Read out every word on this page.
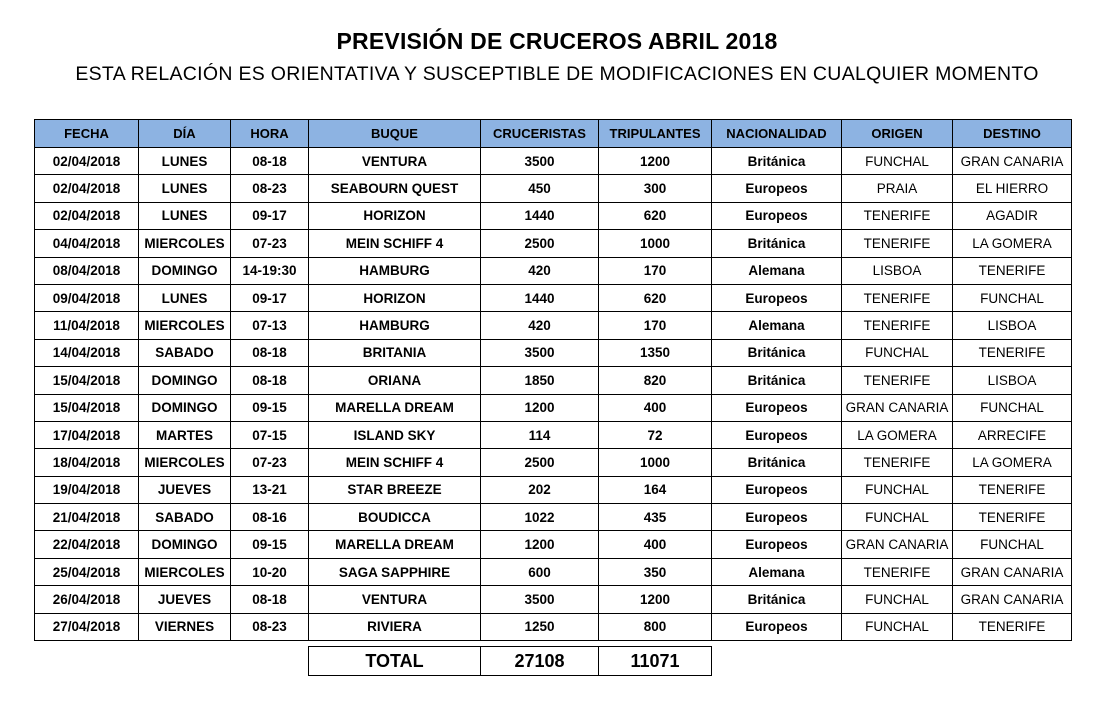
PREVISIÓN DE CRUCEROS ABRIL 2018
ESTA RELACIÓN ES ORIENTATIVA Y SUSCEPTIBLE DE MODIFICACIONES EN CUALQUIER MOMENTO
FECHA	DÍA	HORA	BUQUE	CRUCERISTAS	TRIPULANTES	NACIONALIDAD	ORIGEN	DESTINO
02/04/2018	LUNES	08-18	VENTURA	3500	1200	Británica	FUNCHAL	GRAN CANARIA
02/04/2018	LUNES	08-23	SEABOURN QUEST	450	300	Europeos	PRAIA	EL HIERRO
02/04/2018	LUNES	09-17	HORIZON	1440	620	Europeos	TENERIFE	AGADIR
04/04/2018	MIERCOLES	07-23	MEIN SCHIFF 4	2500	1000	Británica	TENERIFE	LA GOMERA
08/04/2018	DOMINGO	14-19:30	HAMBURG	420	170	Alemana	LISBOA	TENERIFE
09/04/2018	LUNES	09-17	HORIZON	1440	620	Europeos	TENERIFE	FUNCHAL
11/04/2018	MIERCOLES	07-13	HAMBURG	420	170	Alemana	TENERIFE	LISBOA
14/04/2018	SABADO	08-18	BRITANIA	3500	1350	Británica	FUNCHAL	TENERIFE
15/04/2018	DOMINGO	08-18	ORIANA	1850	820	Británica	TENERIFE	LISBOA
15/04/2018	DOMINGO	09-15	MARELLA DREAM	1200	400	Europeos	GRAN CANARIA	FUNCHAL
17/04/2018	MARTES	07-15	ISLAND SKY	114	72	Europeos	LA GOMERA	ARRECIFE
18/04/2018	MIERCOLES	07-23	MEIN SCHIFF 4	2500	1000	Británica	TENERIFE	LA GOMERA
19/04/2018	JUEVES	13-21	STAR BREEZE	202	164	Europeos	FUNCHAL	TENERIFE
21/04/2018	SABADO	08-16	BOUDICCA	1022	435	Europeos	FUNCHAL	TENERIFE
22/04/2018	DOMINGO	09-15	MARELLA DREAM	1200	400	Europeos	GRAN CANARIA	FUNCHAL
25/04/2018	MIERCOLES	10-20	SAGA SAPPHIRE	600	350	Alemana	TENERIFE	GRAN CANARIA
26/04/2018	JUEVES	08-18	VENTURA	3500	1200	Británica	FUNCHAL	GRAN CANARIA
27/04/2018	VIERNES	08-23	RIVIERA	1250	800	Europeos	FUNCHAL	TENERIFE
TOTAL	27108	11071
